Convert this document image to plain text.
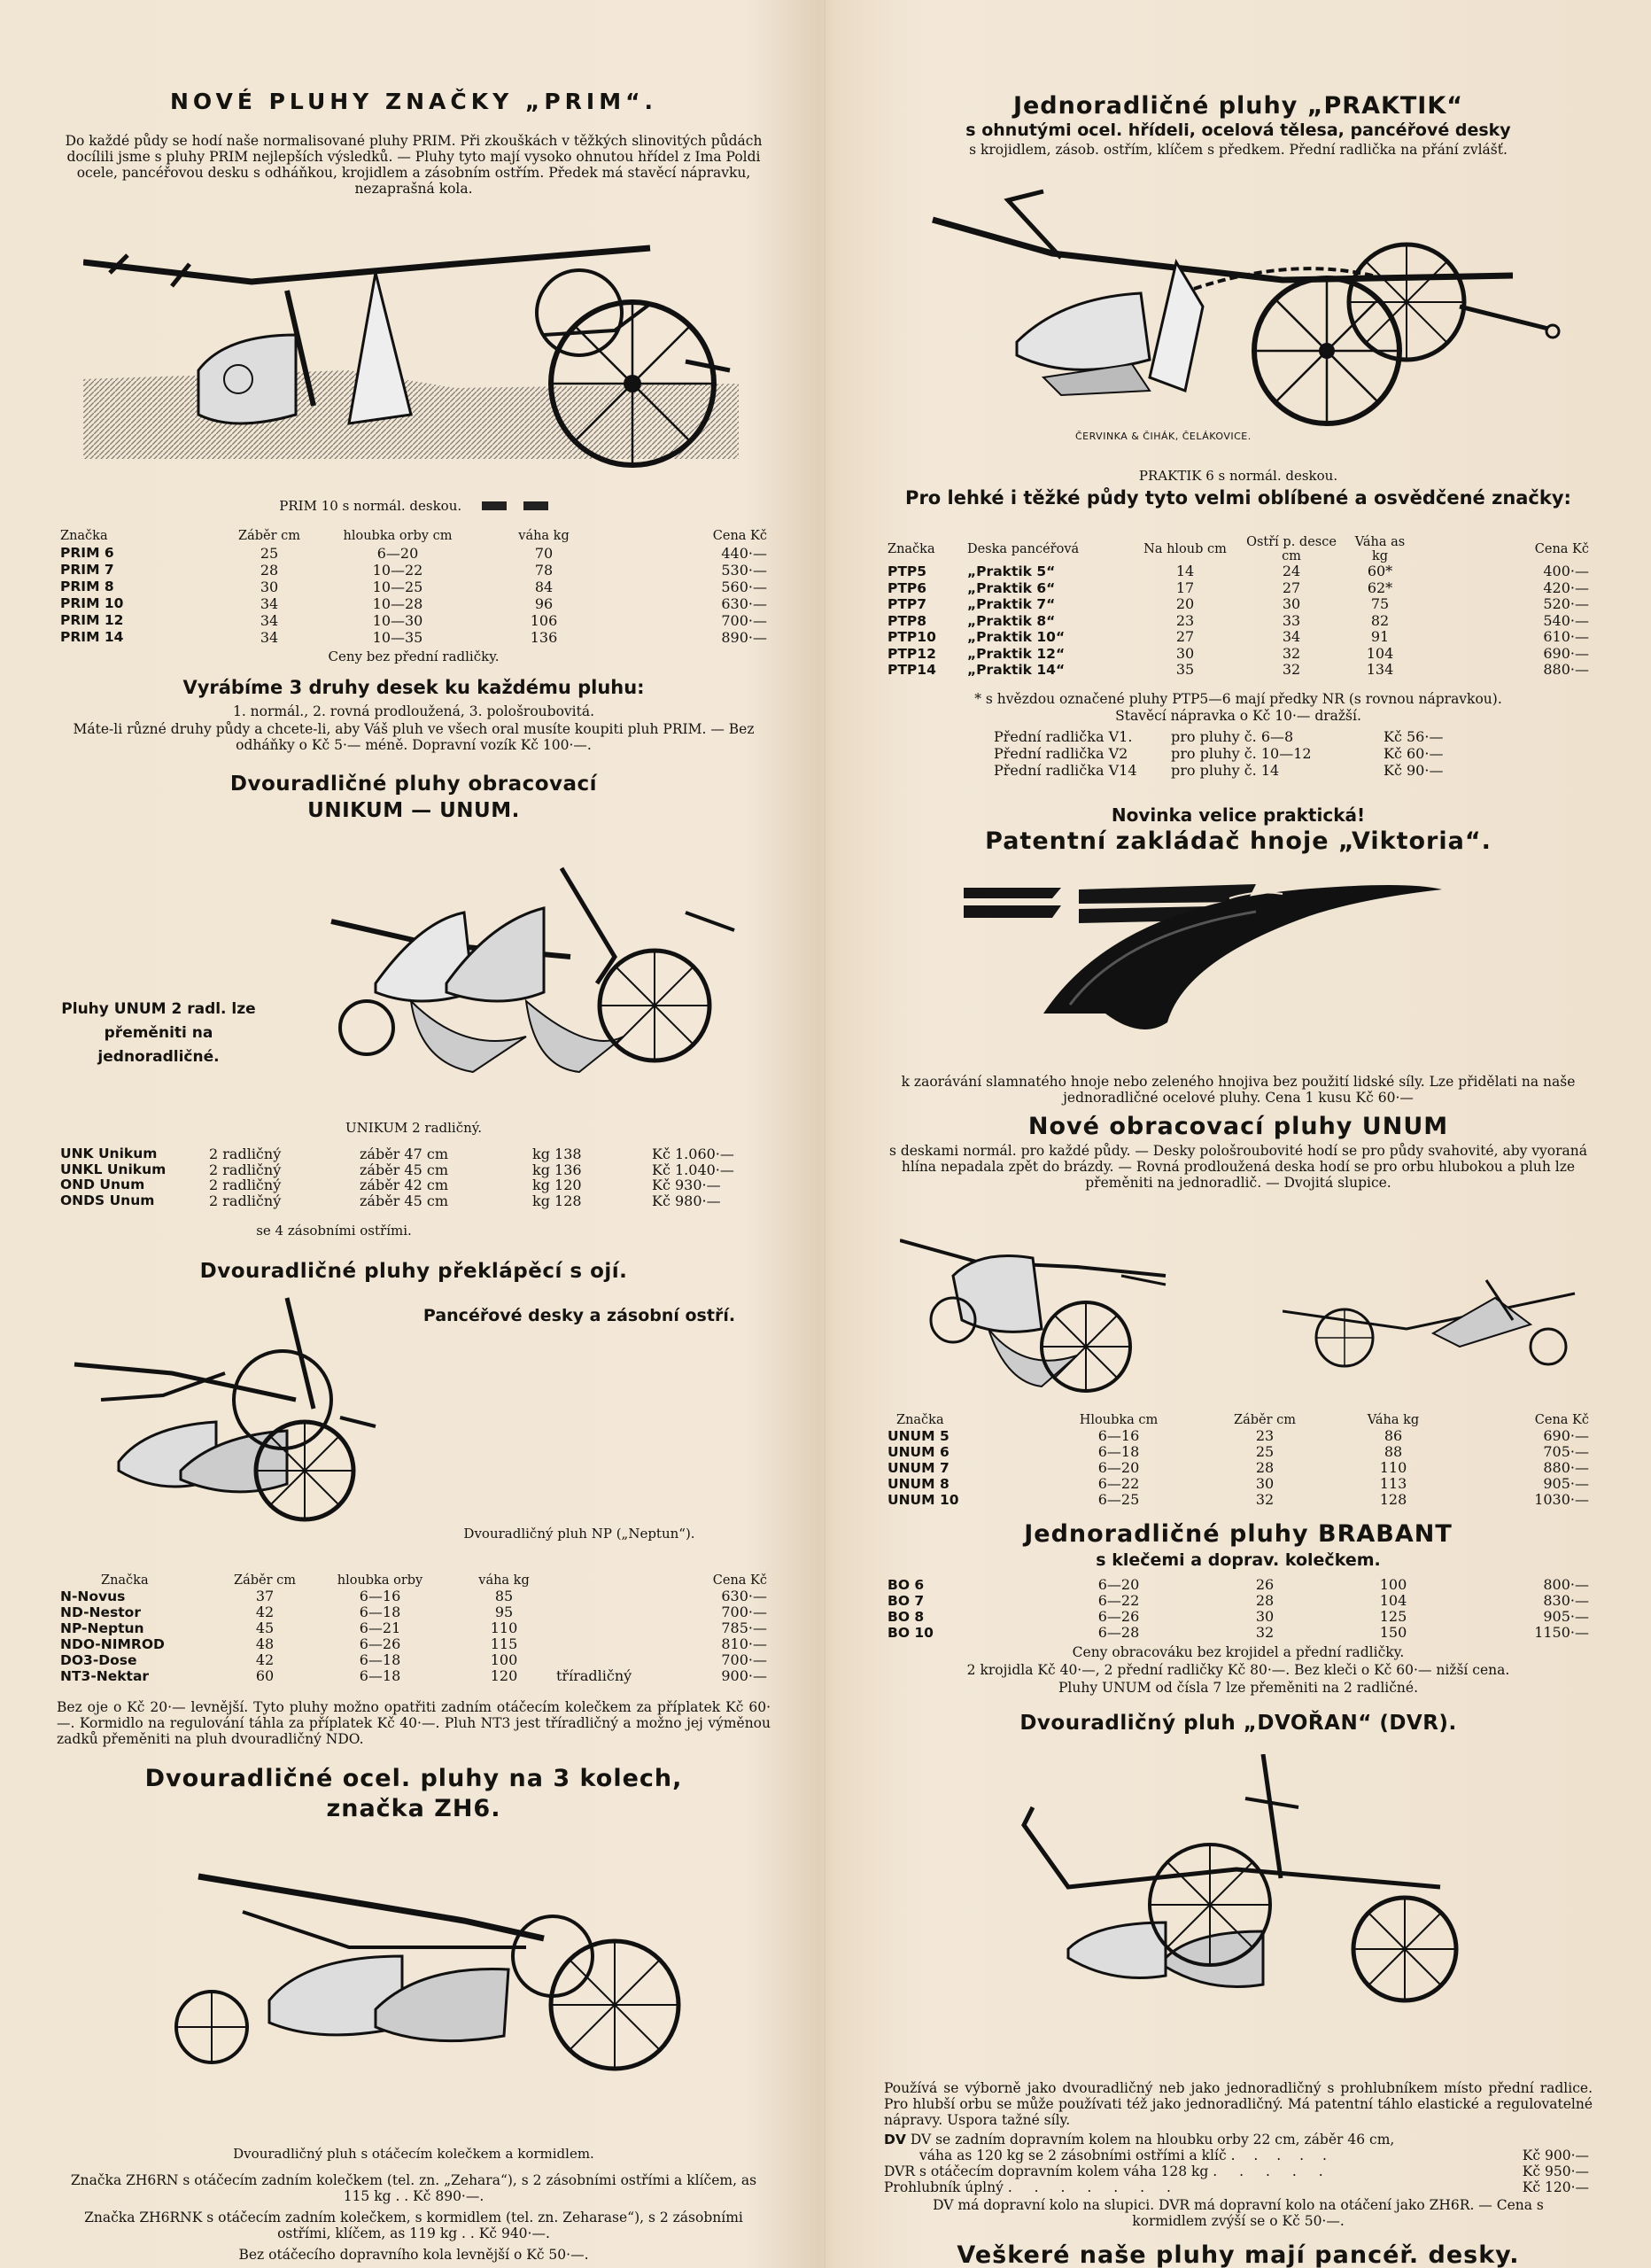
NOVÉ PLUHY ZNAČKY „PRIM“.
Do každé půdy se hodí naše normalisované pluhy PRIM. Při zkouškách v těžkých slinovitých půdách docílili jsme s pluhy PRIM nejlepších výsledků. — Pluhy tyto mají vysoko ohnutou hřídel z Ima Poldi ocele, pancéřovou desku s odháňkou, krojidlem a zásobním ostřím. Předek má stavěcí nápravku, nezaprašná kola.
PRIM 10 s normál. deskou.
Značka	Záběr cm	hloubka orby cm	váha kg	Cena Kč
PRIM 6	25	6—20	70	440·—
PRIM 7	28	10—22	78	530·—
PRIM 8	30	10—25	84	560·—
PRIM 10	34	10—28	96	630·—
PRIM 12	34	10—30	106	700·—
PRIM 14	34	10—35	136	890·—
Ceny bez přední radličky.
Vyrábíme 3 druhy desek ku každému pluhu:
1. normál., 2. rovná prodloužená, 3. pološroubovitá.
Máte-li různé druhy půdy a chcete-li, aby Váš pluh ve všech oral musíte koupiti pluh PRIM. — Bez odháňky o Kč 5·— méně. Dopravní vozík Kč 100·—.
Dvouradličné pluhy obracovací
UNIKUM — UNUM.
Pluhy UNUM 2 radl. lze přeměniti na jednoradličné.
UNIKUM 2 radličný.
UNK Unikum	2 radličný	záběr 47 cm	kg 138	Kč 1.060·—
UNKL Unikum	2 radličný	záběr 45 cm	kg 136	Kč 1.040·—
OND Unum	2 radličný	záběr 42 cm	kg 120	Kč 930·—
ONDS Unum	2 radličný	záběr 45 cm	kg 128	Kč 980·—
se 4 zásobními ostřími.
Dvouradličné pluhy překlápěcí s ojí.
Pancéřové desky a zásobní ostří.
Dvouradličný pluh NP („Neptun“).
Značka	Záběr cm	hloubka orby	váha kg		Cena Kč
N-Novus	37	6—16	85		630·—
ND-Nestor	42	6—18	95		700·—
NP-Neptun	45	6—21	110		785·—
NDO-NIMROD	48	6—26	115		810·—
DO3-Dose	42	6—18	100		700·—
NT3-Nektar	60	6—18	120	tříradličný	900·—
Bez oje o Kč 20·— levnější. Tyto pluhy možno opatřiti zadním otáčecím kolečkem za příplatek Kč 60·—. Kormidlo na regulování táhla za příplatek Kč 40·—. Pluh NT3 jest tříradličný a možno jej výměnou zadků přeměniti na pluh dvouradličný NDO.
Dvouradličné ocel. pluhy na 3 kolech,
značka ZH6.
Dvouradličný pluh s otáčecím kolečkem a kormidlem.
Značka ZH6RN s otáčecím zadním kolečkem (tel. zn. „Zehara“), s 2 zásobními ostřími a klíčem, as 115 kg . . Kč 890·—.
Značka ZH6RNK s otáčecím zadním kolečkem, s kormidlem (tel. zn. Zeharase“), s 2 zásobními ostřími, klíčem, as 119 kg . . Kč 940·—.
Bez otáčecího dopravního kola levnější o Kč 50·—.
Jednoradličné pluhy „PRAKTIK“
s ohnutými ocel. hřídeli, ocelová tělesa, pancéřové desky
s krojidlem, zásob. ostřím, klíčem s předkem. Přední radlička na přání zvlášť.
ČERVINKA & ČIHÁK, ČELÁKOVICE.
PRAKTIK 6 s normál. deskou.
Pro lehké i těžké půdy tyto velmi oblíbené a osvědčené značky:
Značka	Deska pancéřová	Na hloub cm	Ostří p. desce cm	Váha as kg	Cena Kč
PTP5	„Praktik 5“	14	24	60*	400·—
PTP6	„Praktik 6“	17	27	62*	420·—
PTP7	„Praktik 7“	20	30	75	520·—
PTP8	„Praktik 8“	23	33	82	540·—
PTP10	„Praktik 10“	27	34	91	610·—
PTP12	„Praktik 12“	30	32	104	690·—
PTP14	„Praktik 14“	35	32	134	880·—
* s hvězdou označené pluhy PTP5—6 mají předky NR (s rovnou nápravkou).
Stavěcí nápravka o Kč 10·— dražší.
Přední radlička V1.	pro pluhy č. 6—8	Kč 56·—
Přední radlička V2	pro pluhy č. 10—12	Kč 60·—
Přední radlička V14	pro pluhy č. 14	Kč 90·—
Novinka velice praktická!
Patentní zakládač hnoje „Viktoria“.
k zaorávání slamnatého hnoje nebo zeleného hnojiva bez použití lidské síly. Lze přidělati na naše jednoradličné ocelové pluhy. Cena 1 kusu Kč 60·—
Nové obracovací pluhy UNUM
s deskami normál. pro každé půdy. — Desky pološroubovité hodí se pro půdy svahovité, aby vyoraná hlína nepadala zpět do brázdy. — Rovná prodloužená deska hodí se pro orbu hlubokou a pluh lze přeměniti na jednoradlič. — Dvojitá slupice.
Značka	Hloubka cm	Záběr cm	Váha kg	Cena Kč
UNUM 5	6—16	23	86	690·—
UNUM 6	6—18	25	88	705·—
UNUM 7	6—20	28	110	880·—
UNUM 8	6—22	30	113	905·—
UNUM 10	6—25	32	128	1030·—
Jednoradličné pluhy BRABANT
s klečemi a doprav. kolečkem.
BO 6	6—20	26	100	800·—
BO 7	6—22	28	104	830·—
BO 8	6—26	30	125	905·—
BO 10	6—28	32	150	1150·—
Ceny obracováku bez krojidel a přední radličky.
2 krojidla Kč 40·—, 2 přední radličky Kč 80·—. Bez kleči o Kč 60·— nižší cena.
Pluhy UNUM od čísla 7 lze přeměniti na 2 radličné.
Dvouradličný pluh „DVOŘAN“ (DVR).
Používá se výborně jako dvouradličný neb jako jednoradličný s prohlubníkem místo přední radlice. Pro hlubší orbu se může používati též jako jednoradličný. Má patentní táhlo elastické a regulovatelné nápravy. Uspora tažné síly.
DV DV se zadním dopravním kolem na hloubku orby 22 cm, záběr 46 cm,
váha as 120 kg se 2 zásobními ostřími a klíč . . . . .	Kč 900·—
DVR s otáčecím dopravním kolem váha 128 kg . . . . .	Kč 950·—
Prohlubník úplný . . . . . . .	Kč 120·—
DV má dopravní kolo na slupici. DVR má dopravní kolo na otáčení jako ZH6R. — Cena s kormidlem zvýší se o Kč 50·—.
Veškeré naše pluhy mají pancéř. desky.
